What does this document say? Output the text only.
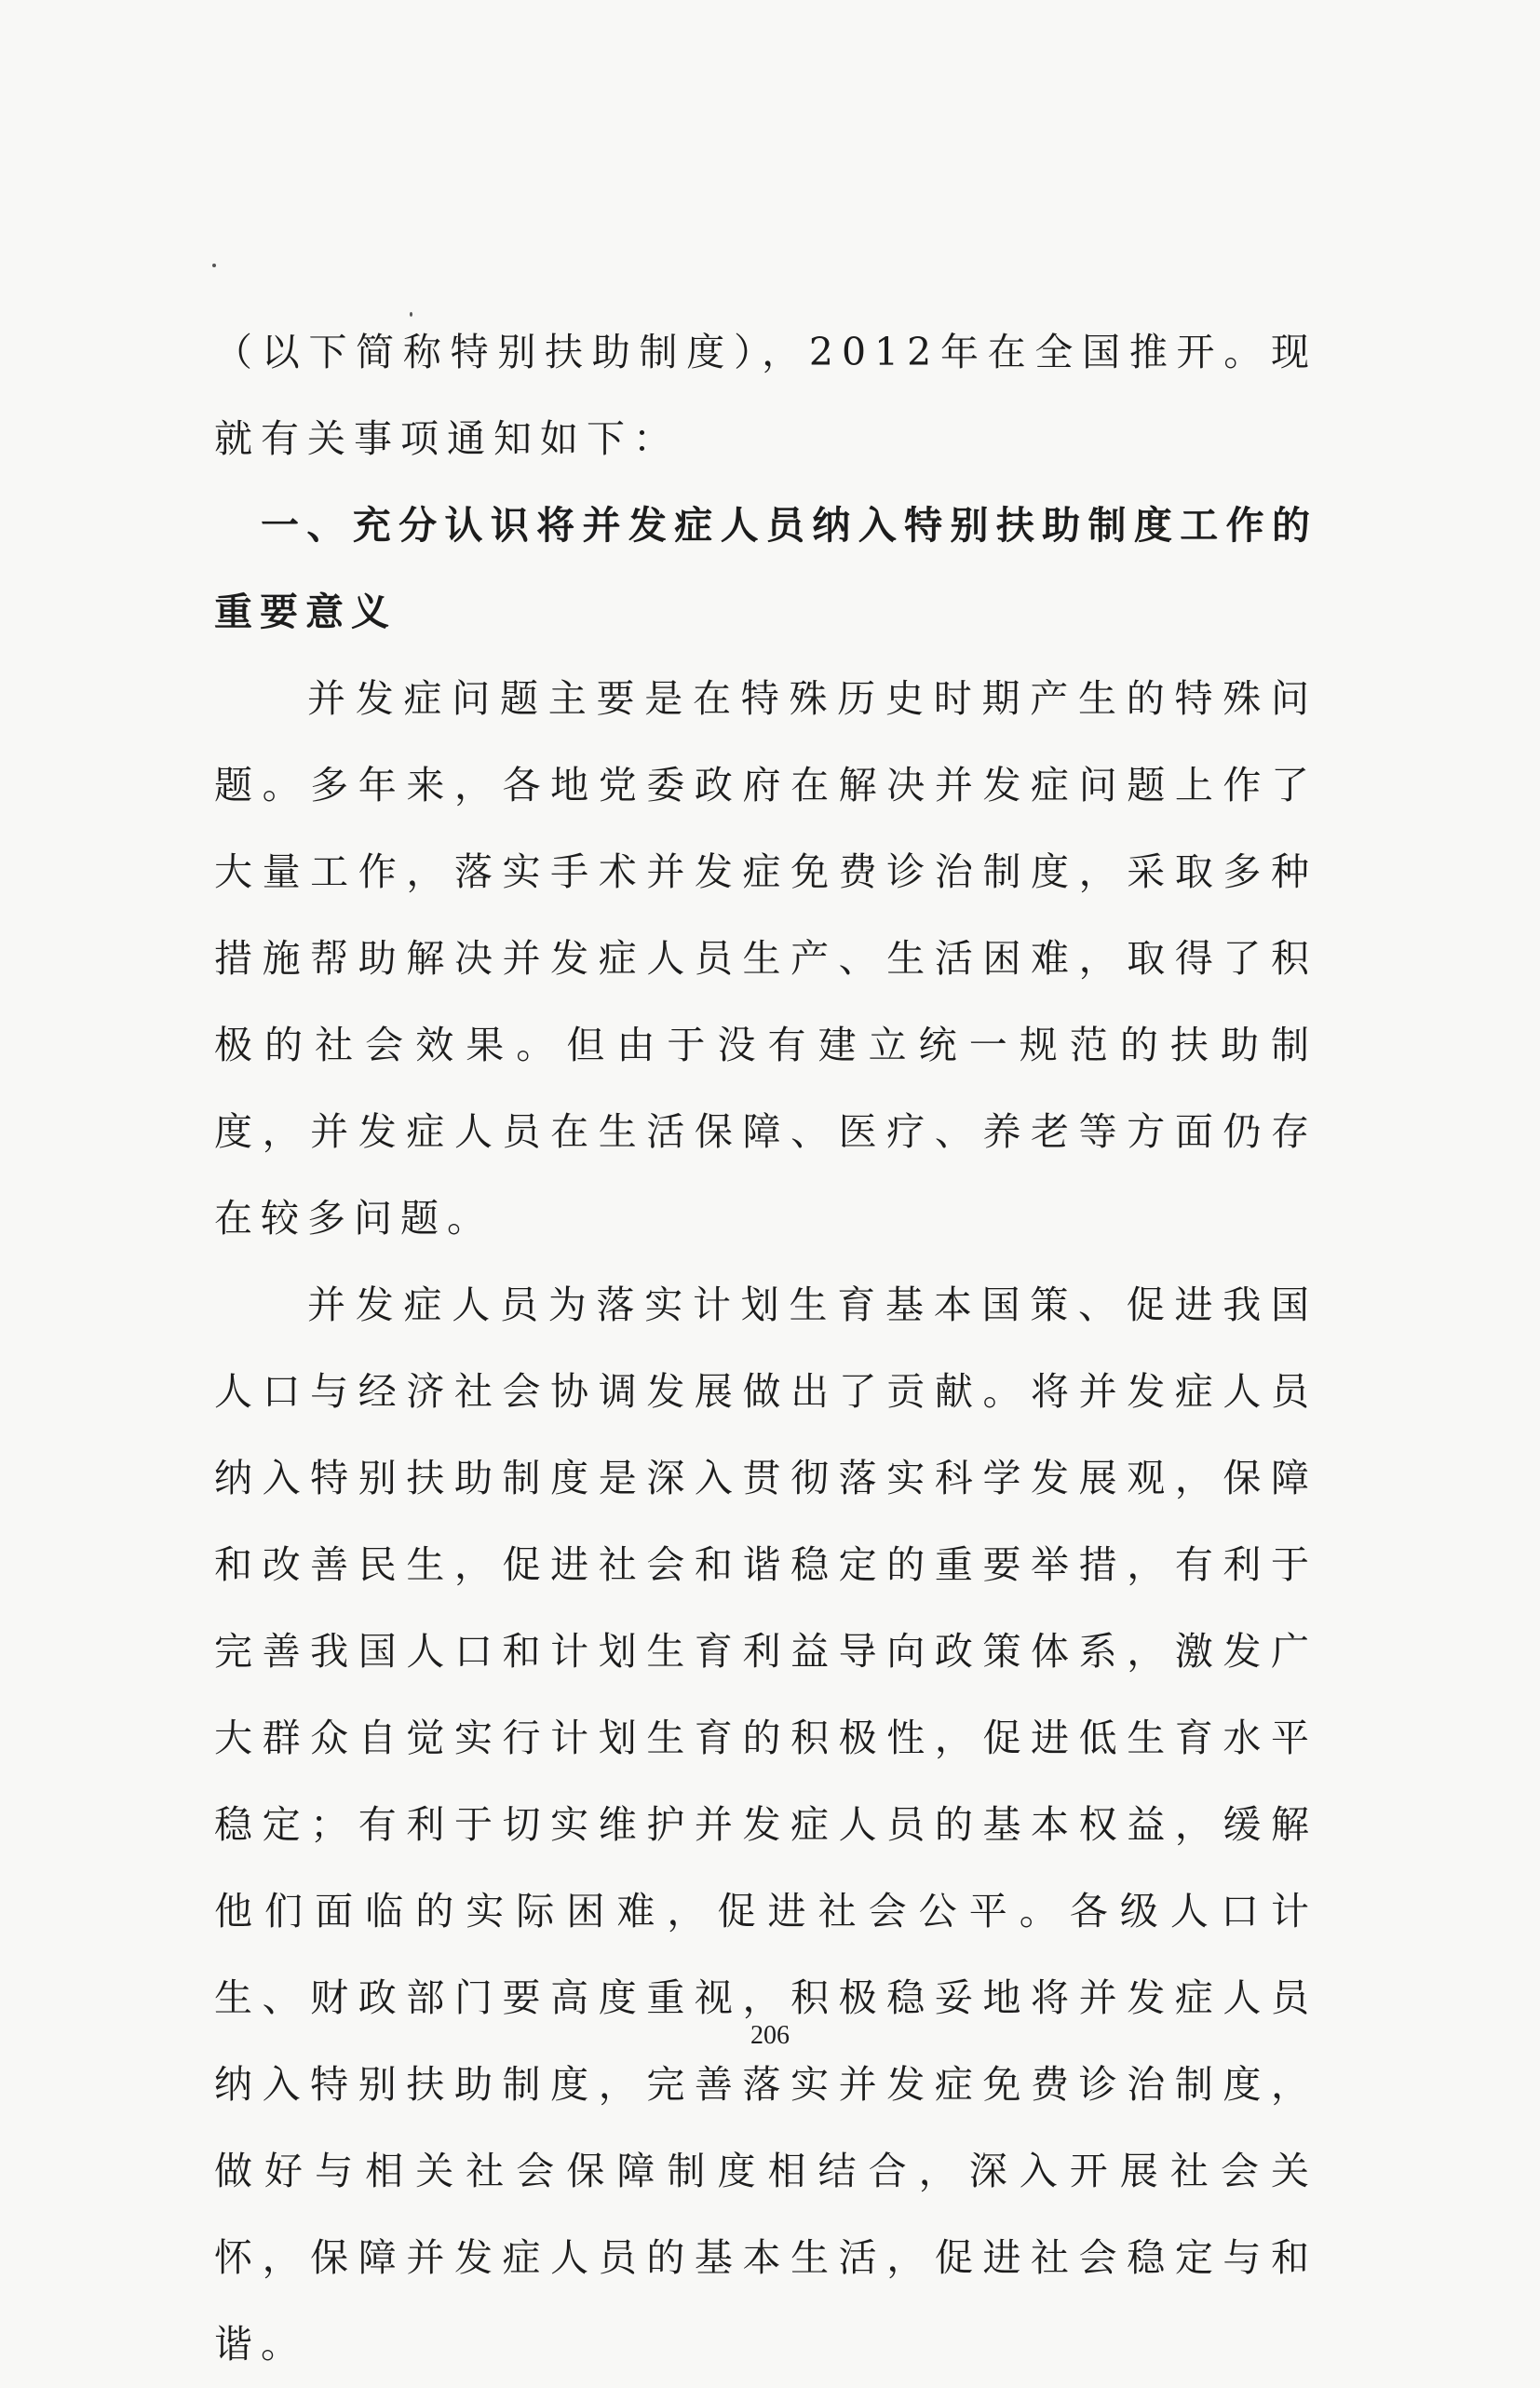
（以下简称特别扶助制度），2012年在全国推开。现就有关事项通知如下：

一、充分认识将并发症人员纳入特别扶助制度工作的重要意义

并发症问题主要是在特殊历史时期产生的特殊问题。多年来，各地党委政府在解决并发症问题上作了大量工作，落实手术并发症免费诊治制度，采取多种措施帮助解决并发症人员生产、生活困难，取得了积极的社会效果。但由于没有建立统一规范的扶助制度，并发症人员在生活保障、医疗、养老等方面仍存在较多问题。

并发症人员为落实计划生育基本国策、促进我国人口与经济社会协调发展做出了贡献。将并发症人员纳入特别扶助制度是深入贯彻落实科学发展观，保障和改善民生，促进社会和谐稳定的重要举措，有利于完善我国人口和计划生育利益导向政策体系，激发广大群众自觉实行计划生育的积极性，促进低生育水平稳定；有利于切实维护并发症人员的基本权益，缓解他们面临的实际困难，促进社会公平。各级人口计生、财政部门要高度重视，积极稳妥地将并发症人员纳入特别扶助制度，完善落实并发症免费诊治制度，做好与相关社会保障制度相结合，深入开展社会关怀，保障并发症人员的基本生活，促进社会稳定与和谐。

206
